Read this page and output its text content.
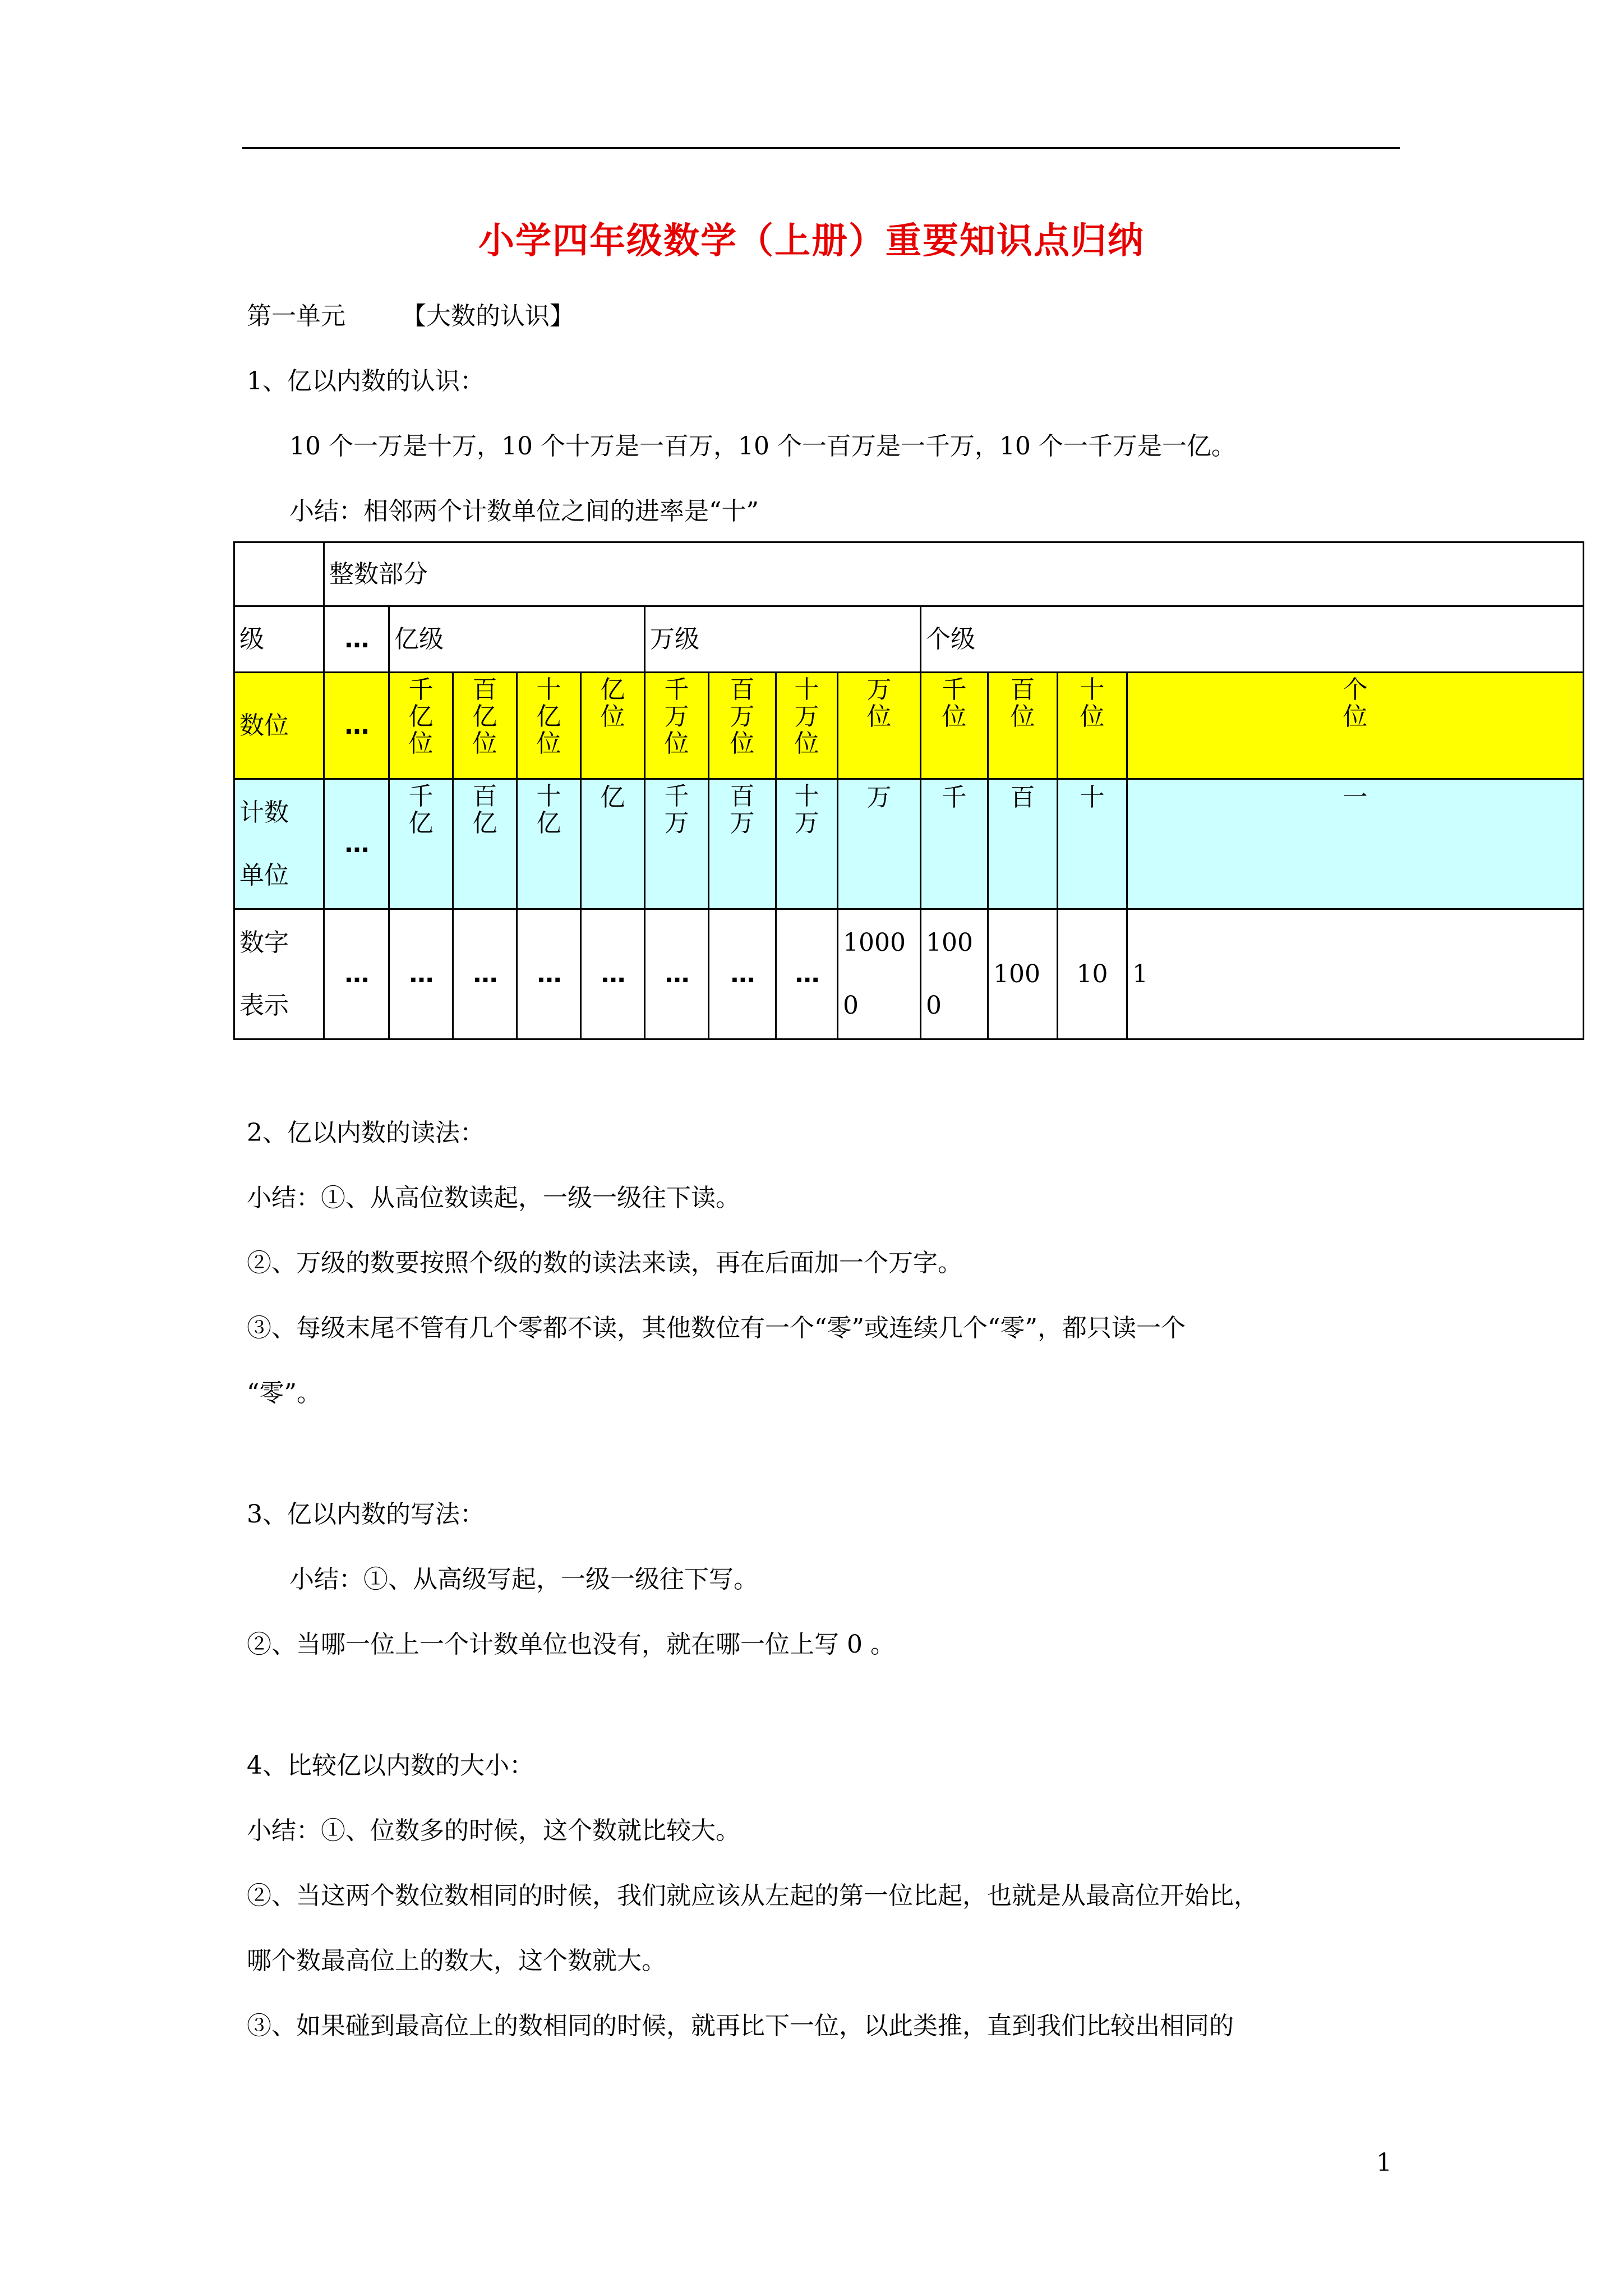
小学四年级数学（上册）重要知识点归纳
第一单元 【大数的认识】
1、亿以内数的认识：
10 个一万是十万，10 个十万是一百万，10 个一百万是一千万，10 个一千万是一亿。
小结：相邻两个计数单位之间的进率是“十”
	整数部分												
级	…	亿级				万级				个级			
数位	…	千亿位	百亿位	十亿位	亿位	千万位	百万位	十万位	万位	千位	百位	十位	个位

计数单位	…	千亿	百亿	十亿	亿	千万	百万	十万	万	千	百	十	一

数字表示	…	…	…	…	…	…	…	…	10000	1000	100	10	1
2、亿以内数的读法：
小结：①、从高位数读起，一级一级往下读。
②、万级的数要按照个级的数的读法来读，再在后面加一个万字。
③、每级末尾不管有几个零都不读，其他数位有一个“零”或连续几个“零”，都只读一个
“零”。
3、亿以内数的写法：
小结：①、从高级写起，一级一级往下写。
②、当哪一位上一个计数单位也没有，就在哪一位上写 0 。
4、比较亿以内数的大小：
小结：①、位数多的时候，这个数就比较大。
②、当这两个数位数相同的时候，我们就应该从左起的第一位比起，也就是从最高位开始比，
哪个数最高位上的数大，这个数就大。
③、如果碰到最高位上的数相同的时候，就再比下一位，以此类推，直到我们比较出相同的
1
